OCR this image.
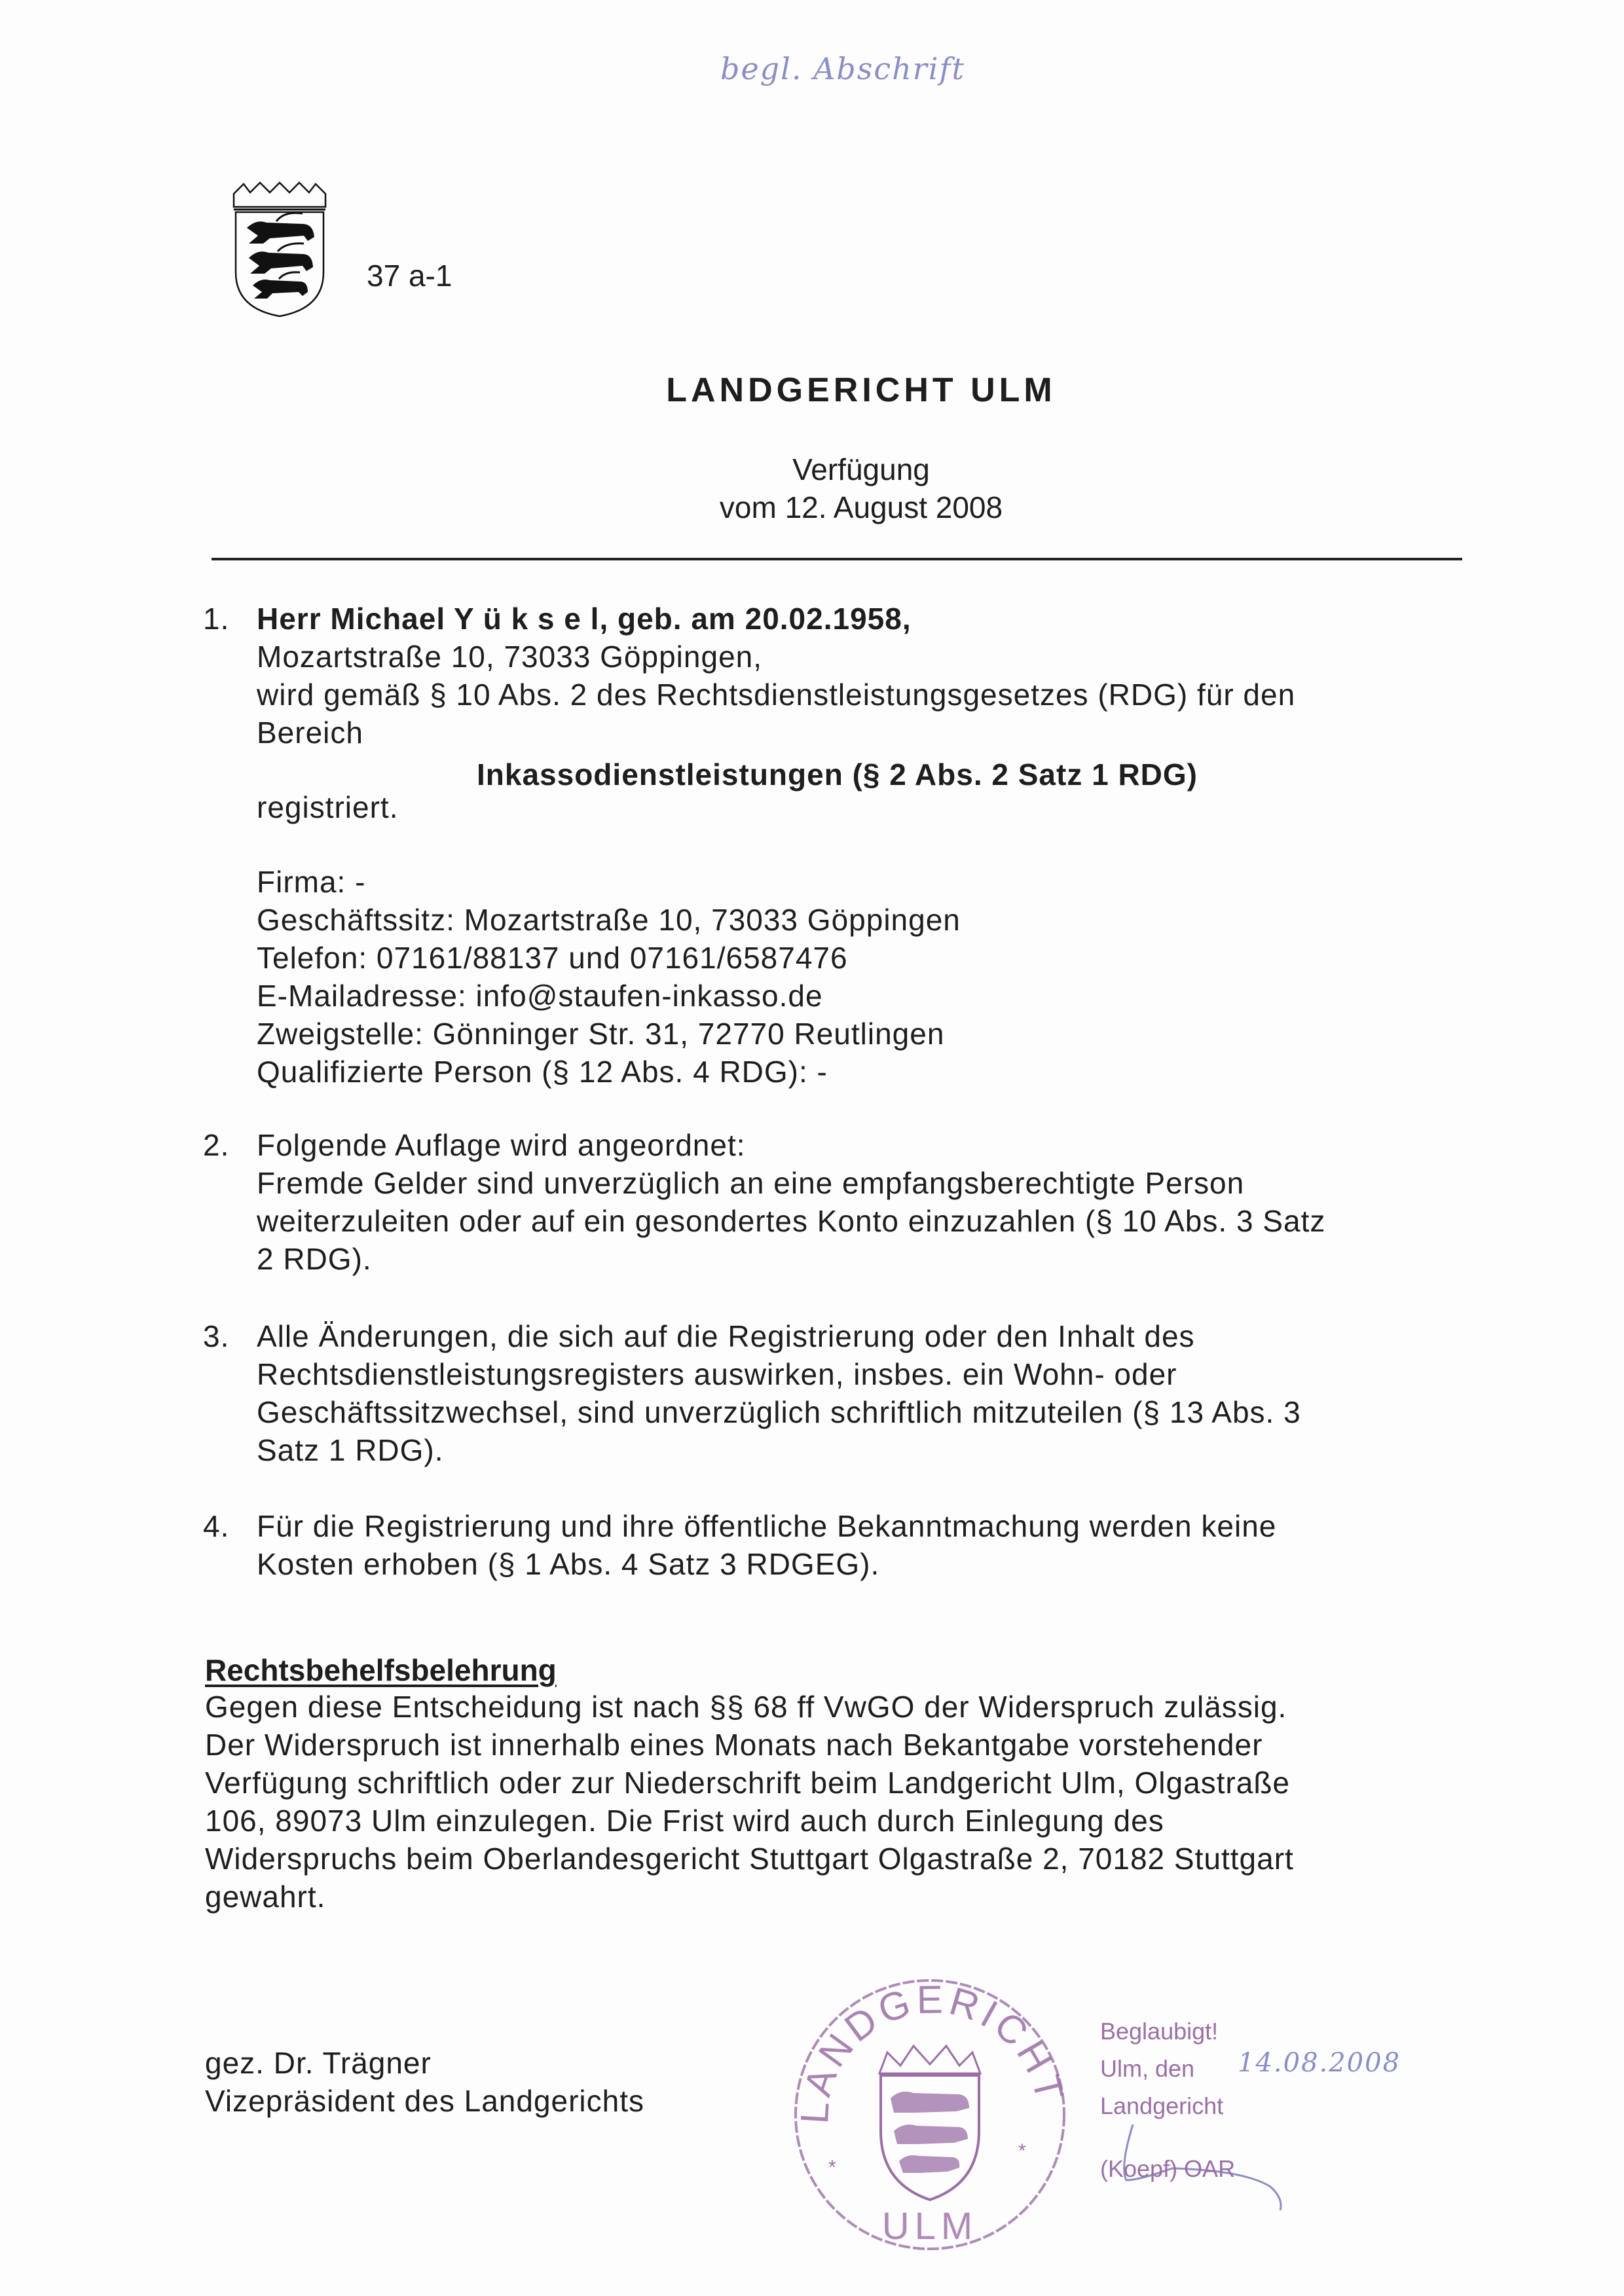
begl. Abschrift
37 a-1
LANDGERICHT ULM
Verfügung
vom 12. August 2008
1. Herr Michael Y ü k s e l, geb. am 20.02.1958,
Mozartstraße 10, 73033 Göppingen,
wird gemäß § 10 Abs. 2 des Rechtsdienstleistungsgesetzes (RDG) für den
Bereich
Inkassodienstleistungen (§ 2 Abs. 2 Satz 1 RDG)
registriert.
Firma: -
Geschäftssitz: Mozartstraße 10, 73033 Göppingen
Telefon: 07161/88137 und 07161/6587476
E-Mailadresse: info@staufen-inkasso.de
Zweigstelle: Gönninger Str. 31, 72770 Reutlingen
Qualifizierte Person (§ 12 Abs. 4 RDG): -
2. Folgende Auflage wird angeordnet:
Fremde Gelder sind unverzüglich an eine empfangsberechtigte Person
weiterzuleiten oder auf ein gesondertes Konto einzuzahlen (§ 10 Abs. 3 Satz
2 RDG).
3. Alle Änderungen, die sich auf die Registrierung oder den Inhalt des
Rechtsdienstleistungsregisters auswirken, insbes. ein Wohn- oder
Geschäftssitzwechsel, sind unverzüglich schriftlich mitzuteilen (§ 13 Abs. 3
Satz 1 RDG).
4. Für die Registrierung und ihre öffentliche Bekanntmachung werden keine
Kosten erhoben (§ 1 Abs. 4 Satz 3 RDGEG).
Rechtsbehelfsbelehrung
Gegen diese Entscheidung ist nach §§ 68 ff VwGO der Widerspruch zulässig.
Der Widerspruch ist innerhalb eines Monats nach Bekantgabe vorstehender
Verfügung schriftlich oder zur Niederschrift beim Landgericht Ulm, Olgastraße
106, 89073 Ulm einzulegen. Die Frist wird auch durch Einlegung des
Widerspruchs beim Oberlandesgericht Stuttgart Olgastraße 2, 70182 Stuttgart
gewahrt.
gez. Dr. Trägner
Vizepräsident des Landgerichts	LANDGERICHT
ULM
*
*
Beglaubigt!
Ulm, den
Landgericht
14.08.2008
(Koepf) OAR
